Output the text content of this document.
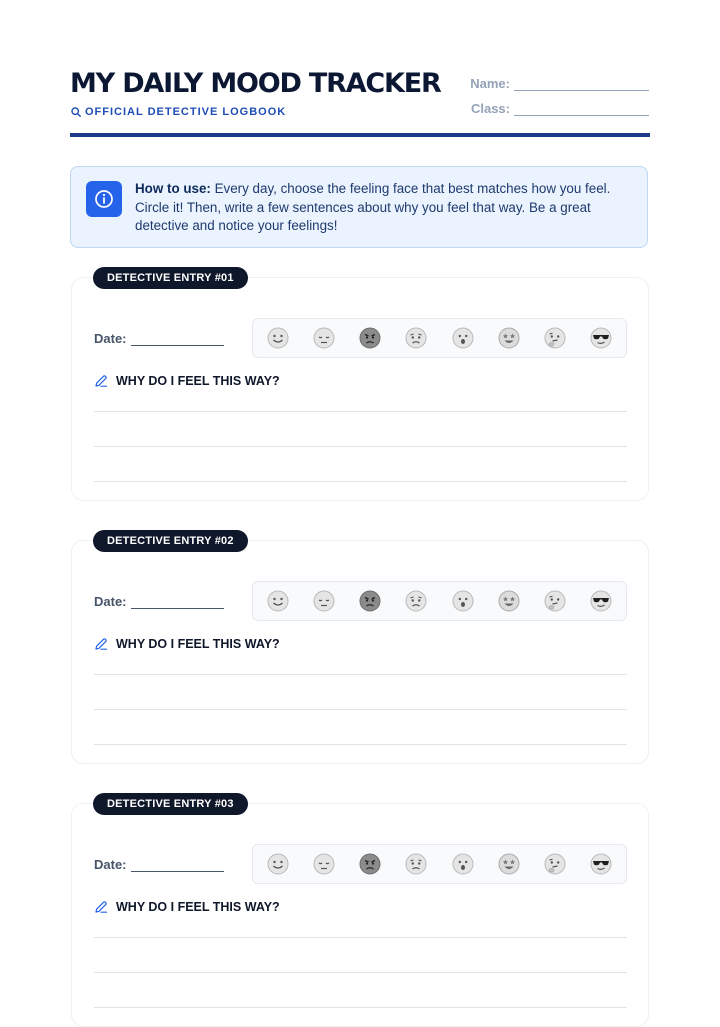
MY DAILY MOOD TRACKER
OFFICIAL DETECTIVE LOGBOOK
Name:
Class:
How to use: Every day, choose the feeling face that best matches how you feel. Circle it! Then, write a few sentences about why you feel that way. Be a great detective and notice your feelings!
Date:
WHY DO I FEEL THIS WAY?
DETECTIVE ENTRY #01
Date:
WHY DO I FEEL THIS WAY?
DETECTIVE ENTRY #02
Date:
WHY DO I FEEL THIS WAY?
DETECTIVE ENTRY #03
